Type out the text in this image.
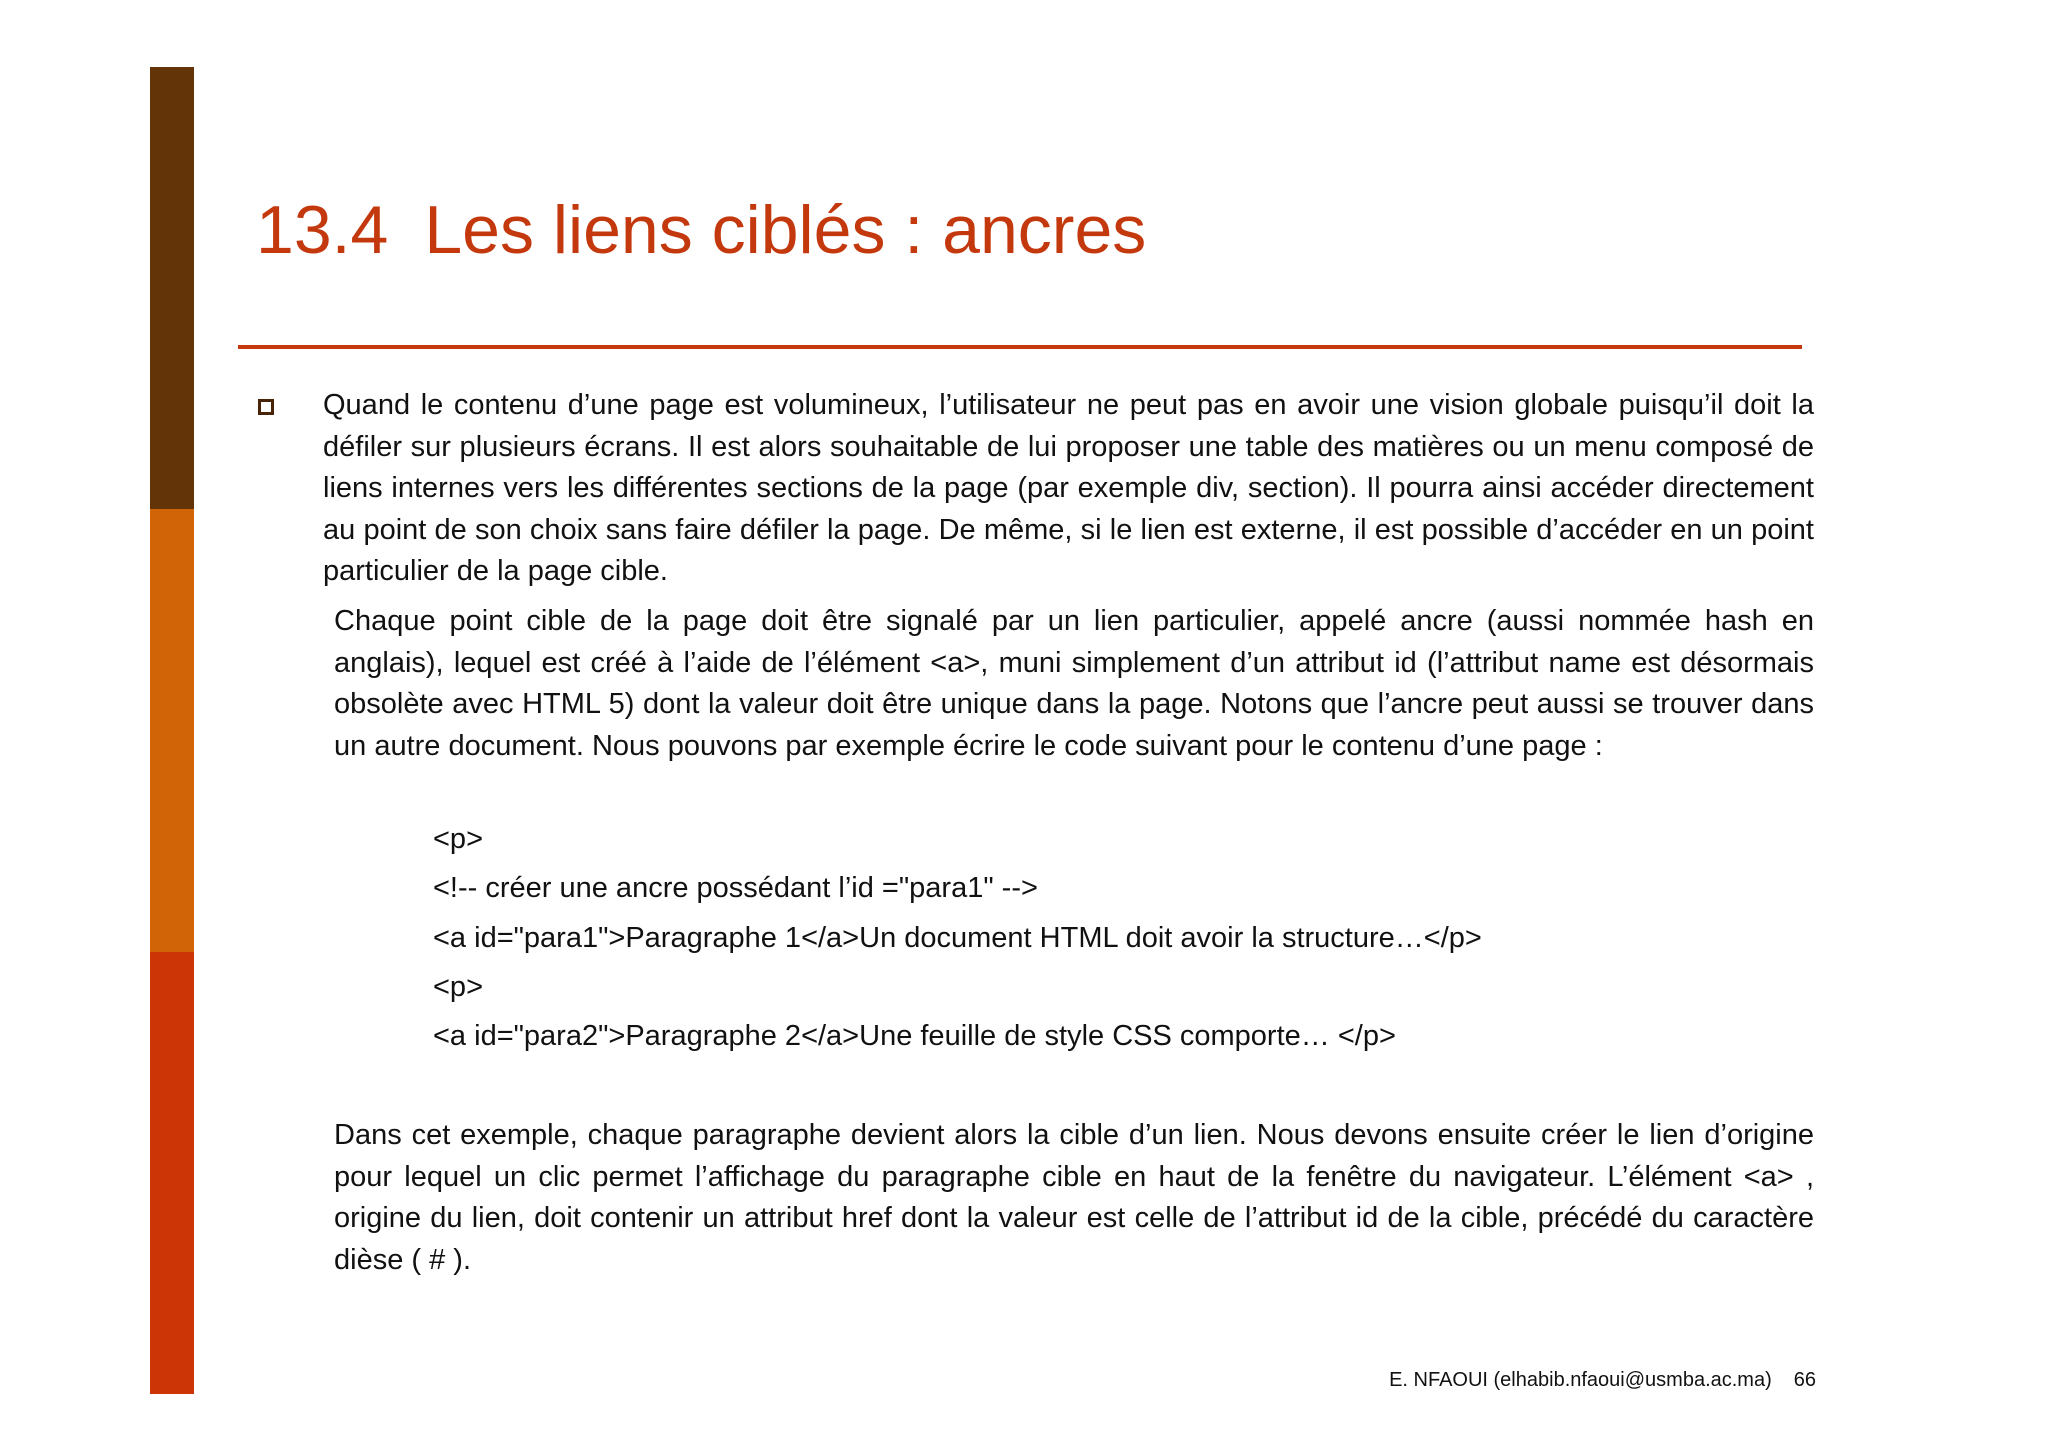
13.4 Les liens ciblés : ancres

Quand le contenu d’une page est volumineux, l’utilisateur ne peut pas en avoir une vision globale puisqu’il doit la défiler sur plusieurs écrans. Il est alors souhaitable de lui proposer une table des matières ou un menu composé de liens internes vers les différentes sections de la page (par exemple div, section). Il pourra ainsi accéder directement au point de son choix sans faire défiler la page. De même, si le lien est externe, il est possible d’accéder en un point particulier de la page cible.

Chaque point cible de la page doit être signalé par un lien particulier, appelé ancre (aussi nommée hash en anglais), lequel est créé à l’aide de l’élément <a>, muni simplement d’un attribut id (l’attribut name est désormais obsolète avec HTML 5) dont la valeur doit être unique dans la page. Notons que l’ancre peut aussi se trouver dans un autre document. Nous pouvons par exemple écrire le code suivant pour le contenu d’une page :

<p>

<!-- créer une ancre possédant l’id ="para1" -->

<a id="para1">Paragraphe 1</a>Un document HTML doit avoir la structure…</p>

<p>

<a id="para2">Paragraphe 2</a>Une feuille de style CSS comporte… </p>

Dans cet exemple, chaque paragraphe devient alors la cible d’un lien. Nous devons ensuite créer le lien d’origine pour lequel un clic permet l’affichage du paragraphe cible en haut de la fenêtre du navigateur. L’élément <a> , origine du lien, doit contenir un attribut href dont la valeur est celle de l’attribut id de la cible, précédé du caractère dièse ( # ).

E. NFAOUI (elhabib.nfaoui@usmba.ac.ma) 66
